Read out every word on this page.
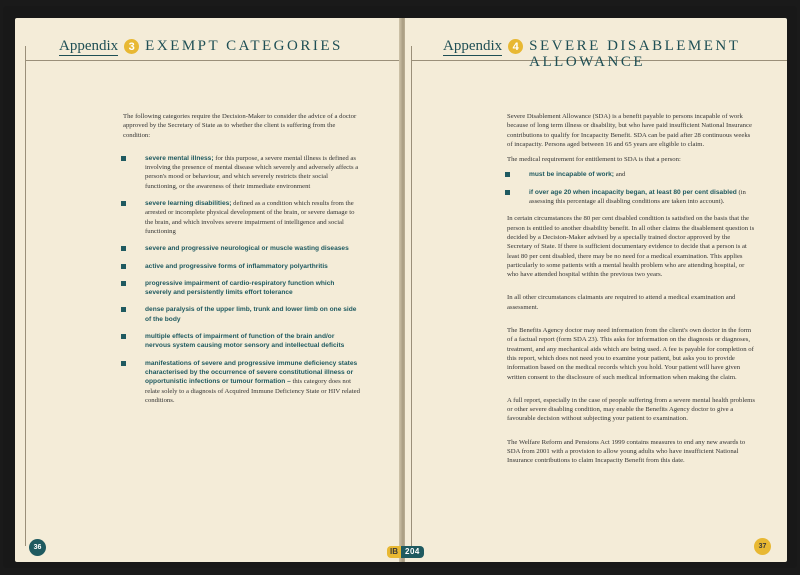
Appendix 3 EXEMPT CATEGORIES

The following categories require the Decision-Maker to consider the advice of a doctor approved by the Secretary of State as to whether the client is suffering from the condition:

severe mental illness; for this purpose, a severe mental illness is defined as involving the presence of mental disease which severely and adversely affects a person's mood or behaviour, and which severely restricts their social functioning, or the awareness of their immediate environment
severe learning disabilities; defined as a condition which results from the arrested or incomplete physical development of the brain, or severe damage to the brain, and which involves severe impairment of intelligence and social functioning
severe and progressive neurological or muscle wasting diseases
active and progressive forms of inflammatory polyarthritis
progressive impairment of cardio-respiratory function which severely and persistently limits effort tolerance
dense paralysis of the upper limb, trunk and lower limb on one side of the body
multiple effects of impairment of function of the brain and/or nervous system causing motor sensory and intellectual deficits
manifestations of severe and progressive immune deficiency states characterised by the occurrence of severe constitutional illness or opportunistic infections or tumour formation – this category does not relate solely to a diagnosis of Acquired Immune Deficiency State or HIV related conditions.
36
Appendix 4 SEVERE DISABLEMENT
ALLOWANCE

Severe Disablement Allowance (SDA) is a benefit payable to persons incapable of work because of long term illness or disability, but who have paid insufficient National Insurance contributions to qualify for Incapacity Benefit. SDA can be paid after 28 continuous weeks of incapacity. Persons aged between 16 and 65 years are eligible to claim.

The medical requirement for entitlement to SDA is that a person:

must be incapable of work; and
if over age 20 when incapacity began, at least 80 per cent disabled (in assessing this percentage all disabling conditions are taken into account).

In certain circumstances the 80 per cent disabled condition is satisfied on the basis that the person is entitled to another disability benefit. In all other claims the disablement question is decided by a Decision-Maker advised by a specially trained doctor approved by the Secretary of State. If there is sufficient documentary evidence to decide that a person is at least 80 per cent disabled, there may be no need for a medical examination. This applies particularly to some patients with a mental health problem who are attending hospital, or who have attended hospital within the previous two years.

In all other circumstances claimants are required to attend a medical examination and assessment.

The Benefits Agency doctor may need information from the client's own doctor in the form of a factual report (form SDA 23). This asks for information on the diagnosis or diagnoses, treatment, and any mechanical aids which are being used. A fee is payable for completion of this report, which does not need you to examine your patient, but asks you to provide information based on the medical records which you hold. Your patient will have given written consent to the disclosure of such medical information when making the claim.

A full report, especially in the case of people suffering from a severe mental health problems or other severe disabling condition, may enable the Benefits Agency doctor to give a favourable decision without subjecting your patient to examination.

The Welfare Reform and Pensions Act 1999 contains measures to end any new awards to SDA from 2001 with a provision to allow young adults who have insufficient National Insurance contributions to claim Incapacity Benefit from this date.

37
IB 204
